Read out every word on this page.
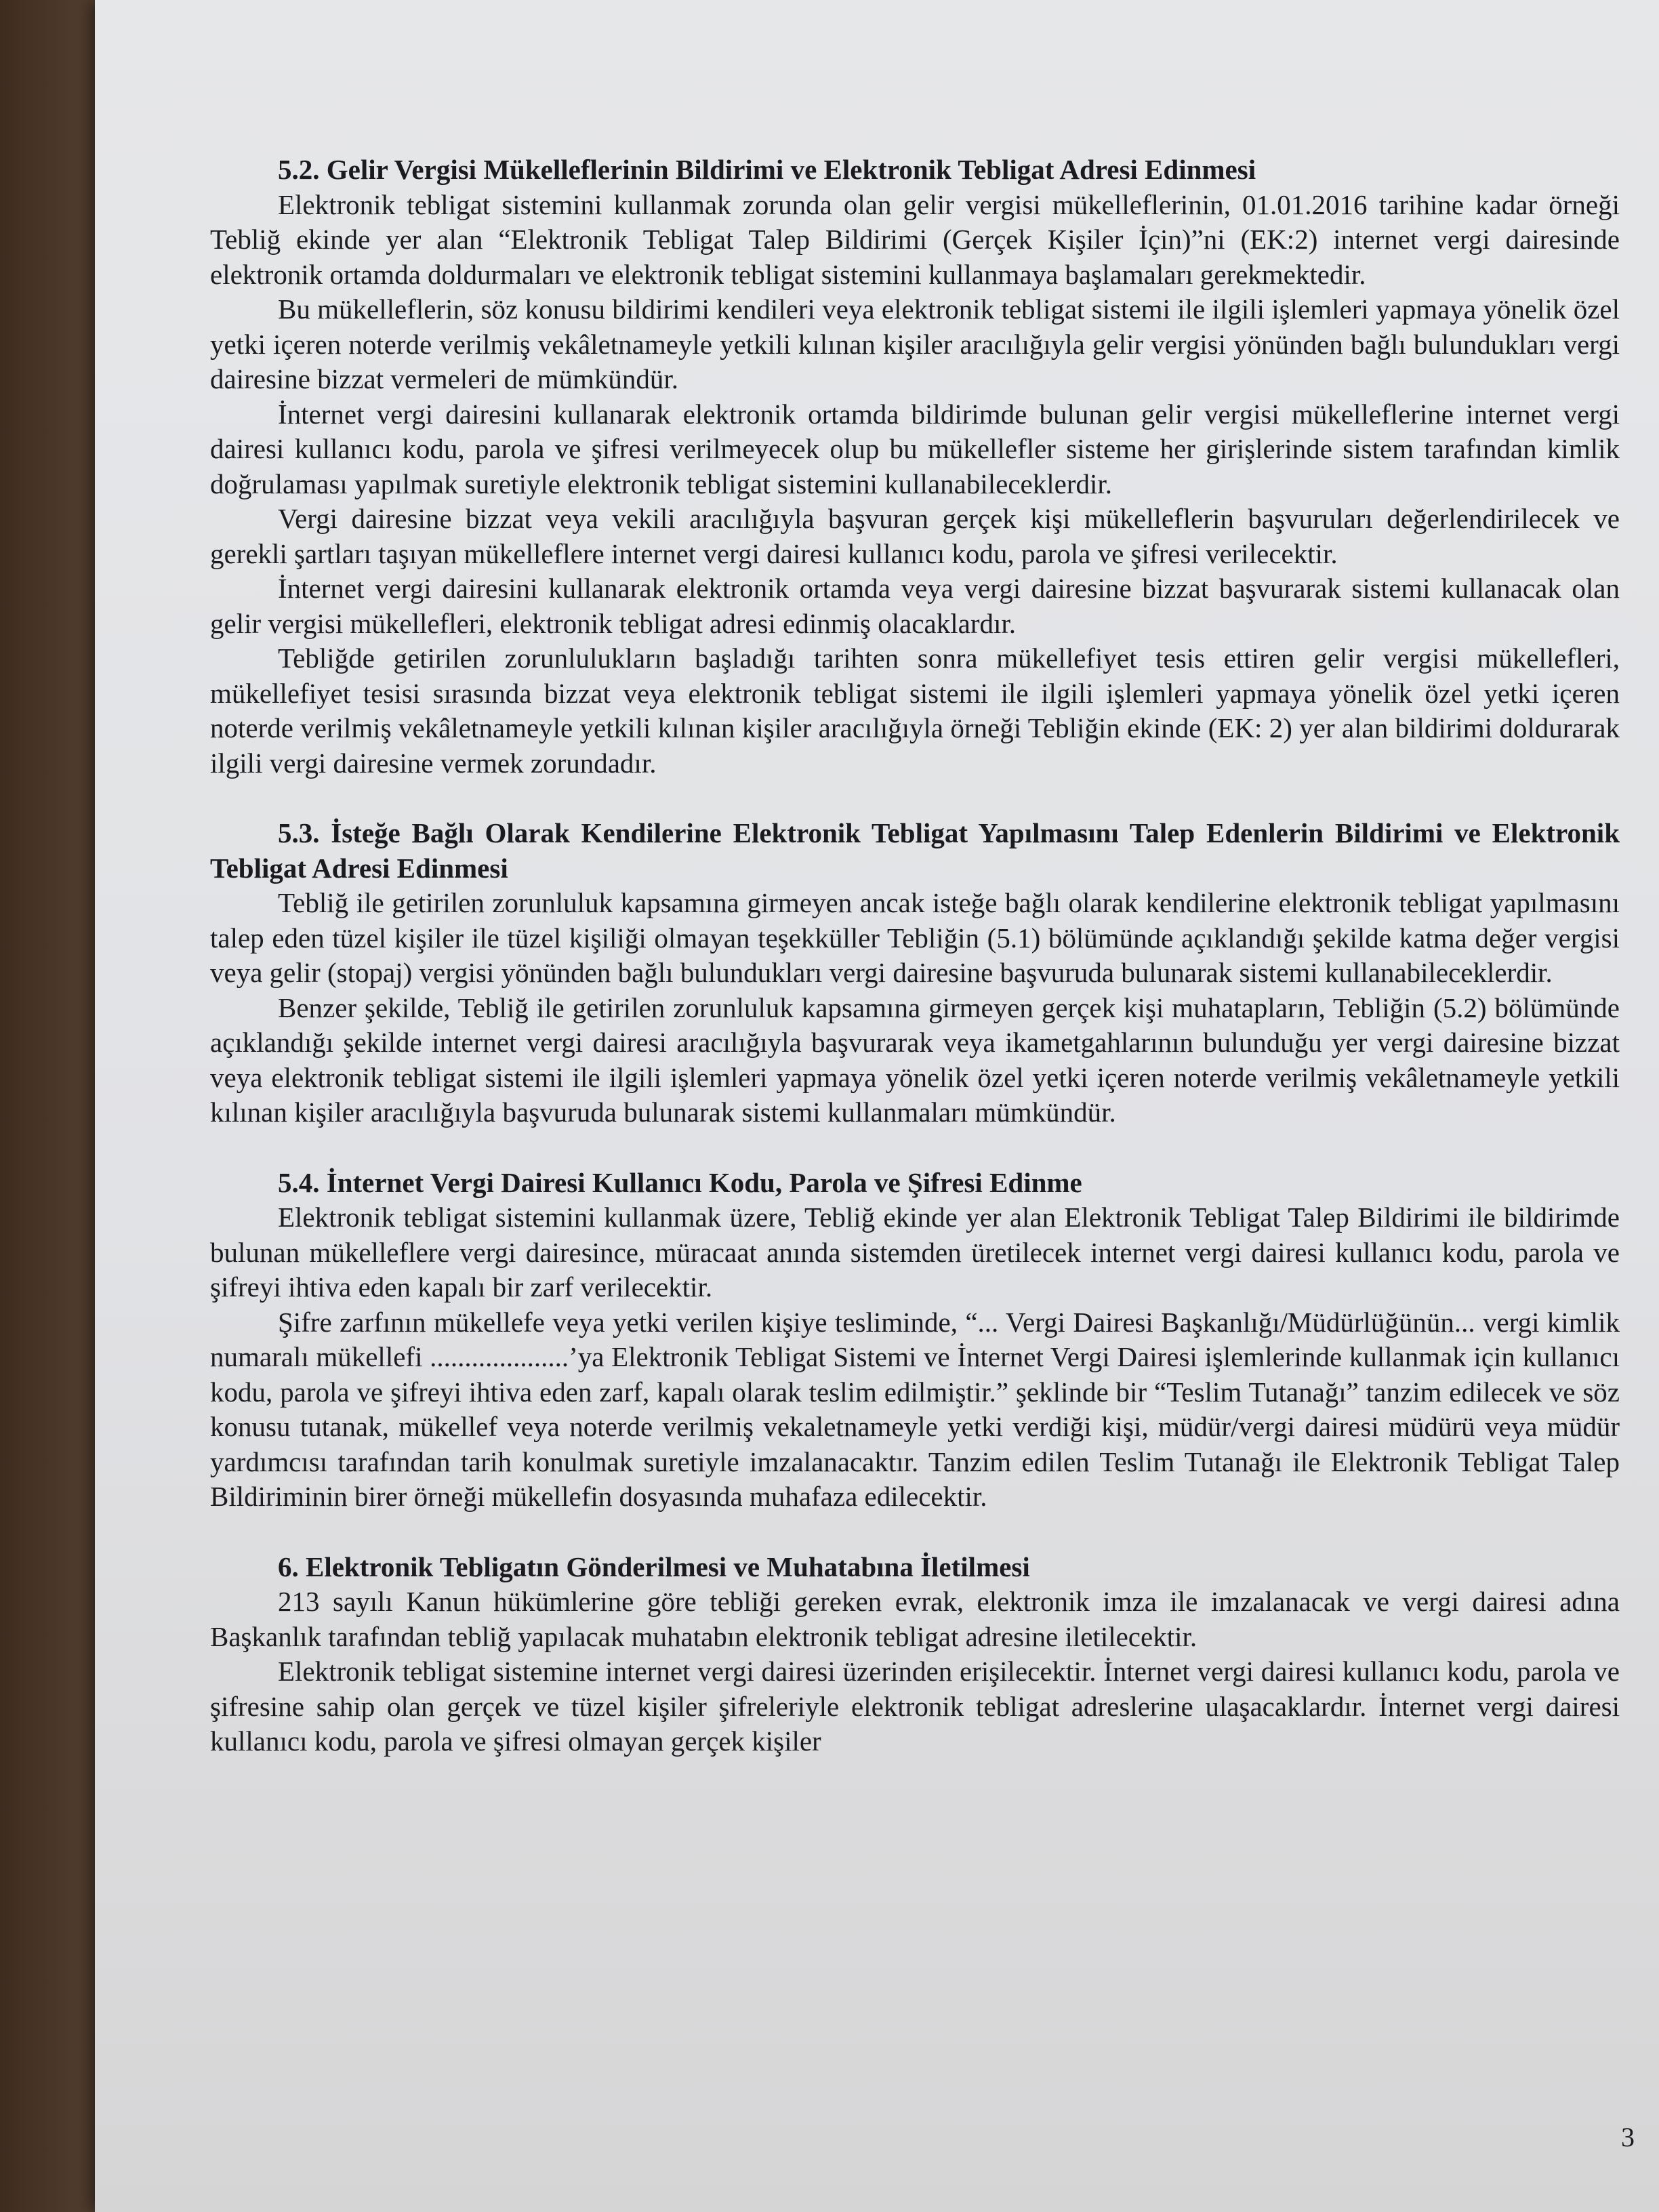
5.2. Gelir Vergisi Mükelleflerinin Bildirimi ve Elektronik Tebligat Adresi Edinmesi

Elektronik tebligat sistemini kullanmak zorunda olan gelir vergisi mükelleflerinin, 01.01.2016 tarihine kadar örneği Tebliğ ekinde yer alan “Elektronik Tebligat Talep Bildirimi (Gerçek Kişiler İçin)”ni (EK:2) internet vergi dairesinde elektronik ortamda doldurmaları ve elektronik tebligat sistemini kullanmaya başlamaları gerekmektedir.

Bu mükelleflerin, söz konusu bildirimi kendileri veya elektronik tebligat sistemi ile ilgili işlemleri yapmaya yönelik özel yetki içeren noterde verilmiş vekâletnameyle yetkili kılınan kişiler aracılığıyla gelir vergisi yönünden bağlı bulundukları vergi dairesine bizzat vermeleri de mümkündür.

İnternet vergi dairesini kullanarak elektronik ortamda bildirimde bulunan gelir vergisi mükelleflerine internet vergi dairesi kullanıcı kodu, parola ve şifresi verilmeyecek olup bu mükellefler sisteme her girişlerinde sistem tarafından kimlik doğrulaması yapılmak suretiyle elektronik tebligat sistemini kullanabileceklerdir.

Vergi dairesine bizzat veya vekili aracılığıyla başvuran gerçek kişi mükelleflerin başvuruları değerlendirilecek ve gerekli şartları taşıyan mükelleflere internet vergi dairesi kullanıcı kodu, parola ve şifresi verilecektir.

İnternet vergi dairesini kullanarak elektronik ortamda veya vergi dairesine bizzat başvurarak sistemi kullanacak olan gelir vergisi mükellefleri, elektronik tebligat adresi edinmiş olacaklardır.

Tebliğde getirilen zorunlulukların başladığı tarihten sonra mükellefiyet tesis ettiren gelir vergisi mükellefleri, mükellefiyet tesisi sırasında bizzat veya elektronik tebligat sistemi ile ilgili işlemleri yapmaya yönelik özel yetki içeren noterde verilmiş vekâletnameyle yetkili kılınan kişiler aracılığıyla örneği Tebliğin ekinde (EK: 2) yer alan bildirimi doldurarak ilgili vergi dairesine vermek zorundadır.

5.3. İsteğe Bağlı Olarak Kendilerine Elektronik Tebligat Yapılmasını Talep Edenlerin Bildirimi ve Elektronik Tebligat Adresi Edinmesi

Tebliğ ile getirilen zorunluluk kapsamına girmeyen ancak isteğe bağlı olarak kendilerine elektronik tebligat yapılmasını talep eden tüzel kişiler ile tüzel kişiliği olmayan teşekküller Tebliğin (5.1) bölümünde açıklandığı şekilde katma değer vergisi veya gelir (stopaj) vergisi yönünden bağlı bulundukları vergi dairesine başvuruda bulunarak sistemi kullanabileceklerdir.

Benzer şekilde, Tebliğ ile getirilen zorunluluk kapsamına girmeyen gerçek kişi muhatapların, Tebliğin (5.2) bölümünde açıklandığı şekilde internet vergi dairesi aracılığıyla başvurarak veya ikametgahlarının bulunduğu yer vergi dairesine bizzat veya elektronik tebligat sistemi ile ilgili işlemleri yapmaya yönelik özel yetki içeren noterde verilmiş vekâletnameyle yetkili kılınan kişiler aracılığıyla başvuruda bulunarak sistemi kullanmaları mümkündür.

5.4. İnternet Vergi Dairesi Kullanıcı Kodu, Parola ve Şifresi Edinme

Elektronik tebligat sistemini kullanmak üzere, Tebliğ ekinde yer alan Elektronik Tebligat Talep Bildirimi ile bildirimde bulunan mükelleflere vergi dairesince, müracaat anında sistemden üretilecek internet vergi dairesi kullanıcı kodu, parola ve şifreyi ihtiva eden kapalı bir zarf verilecektir.

Şifre zarfının mükellefe veya yetki verilen kişiye tesliminde, “... Vergi Dairesi Başkanlığı/Müdürlüğünün... vergi kimlik numaralı mükellefi ....................’ya Elektronik Tebligat Sistemi ve İnternet Vergi Dairesi işlemlerinde kullanmak için kullanıcı kodu, parola ve şifreyi ihtiva eden zarf, kapalı olarak teslim edilmiştir.” şeklinde bir “Teslim Tutanağı” tanzim edilecek ve söz konusu tutanak, mükellef veya noterde verilmiş vekaletnameyle yetki verdiği kişi, müdür/vergi dairesi müdürü veya müdür yardımcısı tarafından tarih konulmak suretiyle imzalanacaktır. Tanzim edilen Teslim Tutanağı ile Elektronik Tebligat Talep Bildiriminin birer örneği mükellefin dosyasında muhafaza edilecektir.

6. Elektronik Tebligatın Gönderilmesi ve Muhatabına İletilmesi

213 sayılı Kanun hükümlerine göre tebliği gereken evrak, elektronik imza ile imzalanacak ve vergi dairesi adına Başkanlık tarafından tebliğ yapılacak muhatabın elektronik tebligat adresine iletilecektir.

Elektronik tebligat sistemine internet vergi dairesi üzerinden erişilecektir. İnternet vergi dairesi kullanıcı kodu, parola ve şifresine sahip olan gerçek ve tüzel kişiler şifreleriyle elektronik tebligat adreslerine ulaşacaklardır. İnternet vergi dairesi kullanıcı kodu, parola ve şifresi olmayan gerçek kişiler

3
